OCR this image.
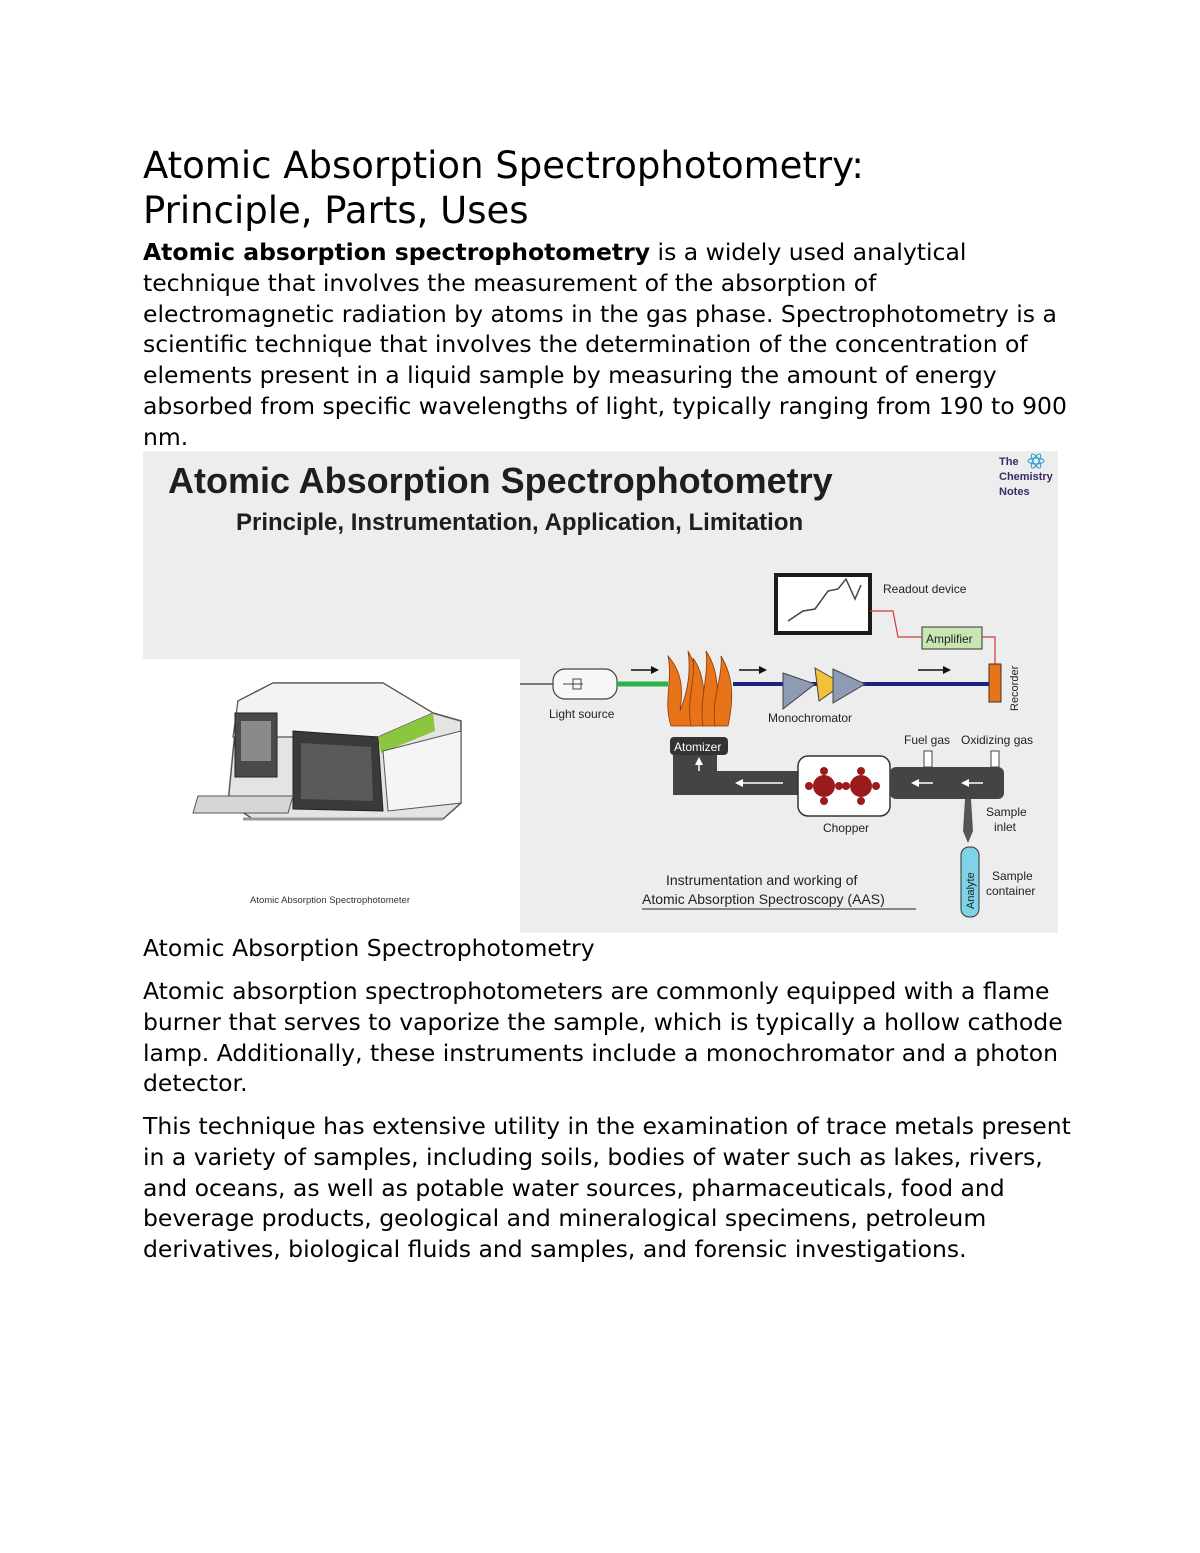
Atomic Absorption Spectrophotometry:
Principle, Parts, Uses

Atomic absorption spectrophotometry is a widely used analytical technique that involves the measurement of the absorption of electromagnetic radiation by atoms in the gas phase. Spectrophotometry is a scientific technique that involves the determination of the concentration of elements present in a liquid sample by measuring the amount of energy absorbed from specific wavelengths of light, typically ranging from 190 to 900 nm.

Atomic Absorption Spectrophotometry
Principle, Instrumentation, Application, Limitation
The
Chemistry
Notes
Atomic Absorption Spectrophotometer
Readout device
Amplifier
Recorder
Light source	Monochromator
Atomizer
Chopper
Fuel gas Oxidizing gas
Sample
inlet
Analyte Sample
container
Instrumentation and working of
Atomic Absorption Spectroscopy (AAS)
Atomic Absorption Spectrophotometry

Atomic absorption spectrophotometers are commonly equipped with a flame burner that serves to vaporize the sample, which is typically a hollow cathode lamp. Additionally, these instruments include a monochromator and a photon detector.

This technique has extensive utility in the examination of trace metals present in a variety of samples, including soils, bodies of water such as lakes, rivers, and oceans, as well as potable water sources, pharmaceuticals, food and beverage products, geological and mineralogical specimens, petroleum derivatives, biological fluids and samples, and forensic investigations.
